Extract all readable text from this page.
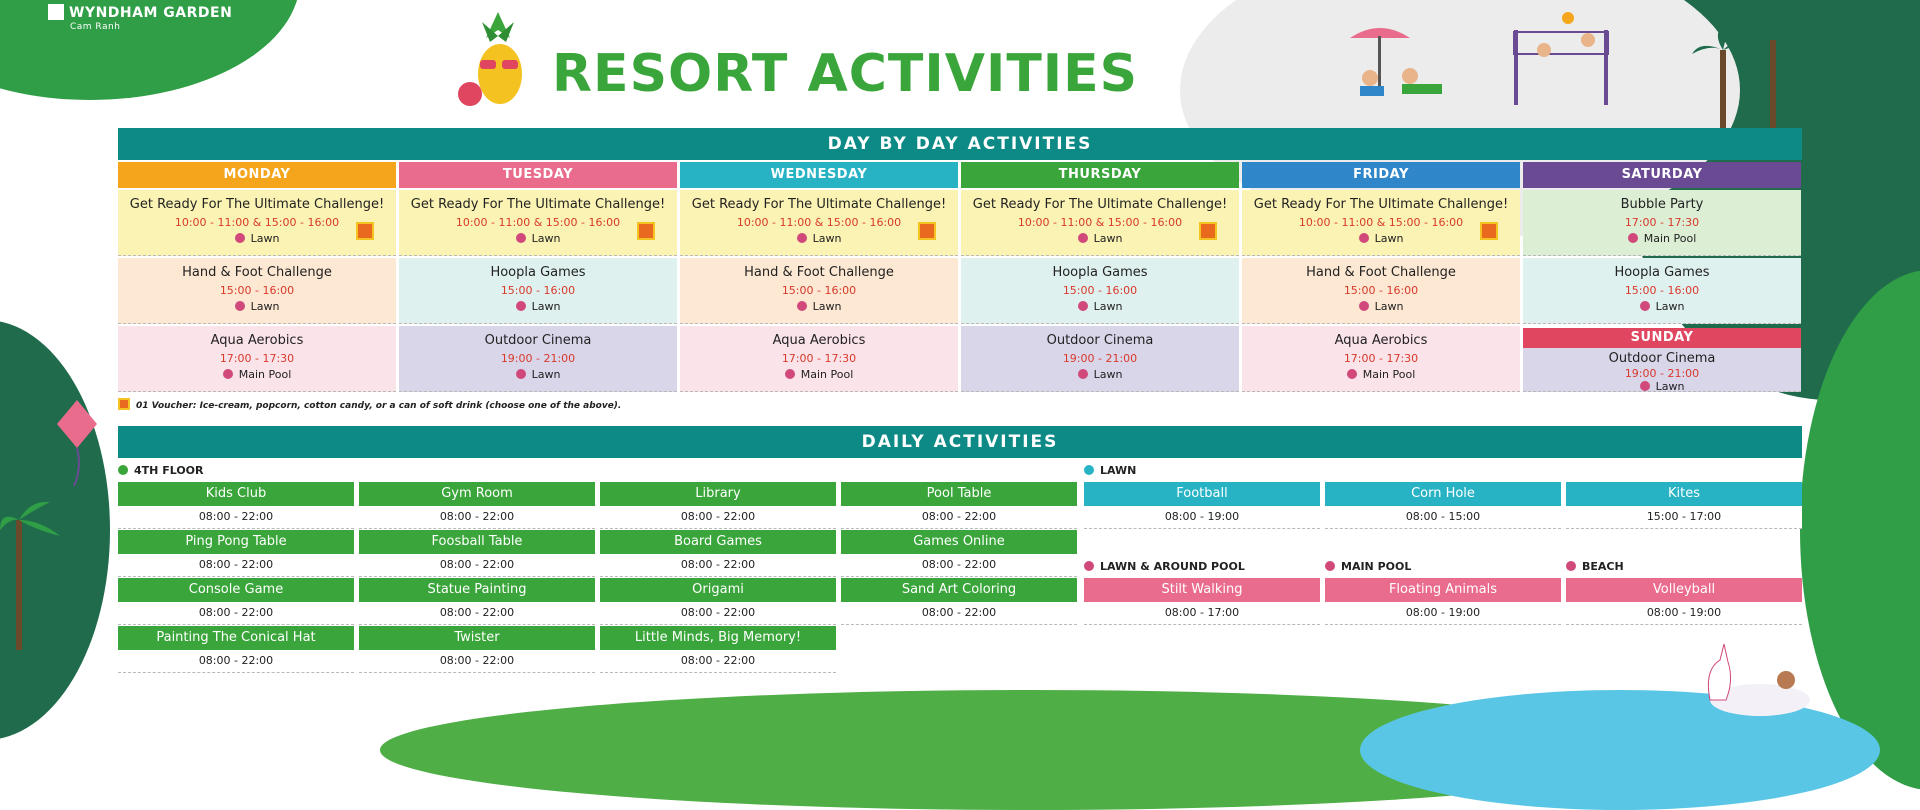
WYNDHAM GARDEN
Cam Ranh
RESORT ACTIVITIES
DAY BY DAY ACTIVITIES
MONDAY
Get Ready For The Ultimate Challenge!
10:00 - 11:00 & 15:00 - 16:00
Lawn
Hand & Foot Challenge
15:00 - 16:00
Lawn
Aqua Aerobics
17:00 - 17:30
Main Pool
TUESDAY
Get Ready For The Ultimate Challenge!
10:00 - 11:00 & 15:00 - 16:00
Lawn
Hoopla Games
15:00 - 16:00
Lawn
Outdoor Cinema
19:00 - 21:00
Lawn
WEDNESDAY
Get Ready For The Ultimate Challenge!
10:00 - 11:00 & 15:00 - 16:00
Lawn
Hand & Foot Challenge
15:00 - 16:00
Lawn
Aqua Aerobics
17:00 - 17:30
Main Pool
THURSDAY
Get Ready For The Ultimate Challenge!
10:00 - 11:00 & 15:00 - 16:00
Lawn
Hoopla Games
15:00 - 16:00
Lawn
Outdoor Cinema
19:00 - 21:00
Lawn
FRIDAY
Get Ready For The Ultimate Challenge!
10:00 - 11:00 & 15:00 - 16:00
Lawn
Hand & Foot Challenge
15:00 - 16:00
Lawn
Aqua Aerobics
17:00 - 17:30
Main Pool
SATURDAY
Bubble Party
17:00 - 17:30
Main Pool
Hoopla Games
15:00 - 16:00
Lawn
SUNDAY
Outdoor Cinema
19:00 - 21:00
Lawn
01 Voucher: Ice-cream, popcorn, cotton candy, or a can of soft drink (choose one of the above).
DAILY ACTIVITIES
4TH FLOOR
Kids Club
08:00 - 22:00
Gym Room
08:00 - 22:00
Library
08:00 - 22:00
Pool Table
08:00 - 22:00
Ping Pong Table
08:00 - 22:00
Foosball Table
08:00 - 22:00
Board Games
08:00 - 22:00
Games Online
08:00 - 22:00
Console Game
08:00 - 22:00
Statue Painting
08:00 - 22:00
Origami
08:00 - 22:00
Sand Art Coloring
08:00 - 22:00
Painting The Conical Hat
08:00 - 22:00
Twister
08:00 - 22:00
Little Minds, Big Memory!
08:00 - 22:00
LAWN
Football
08:00 - 19:00
Corn Hole
08:00 - 15:00
Kites
15:00 - 17:00
LAWN & AROUND POOL
Stilt Walking
08:00 - 17:00
MAIN POOL
Floating Animals
08:00 - 19:00
BEACH
Volleyball
08:00 - 19:00
